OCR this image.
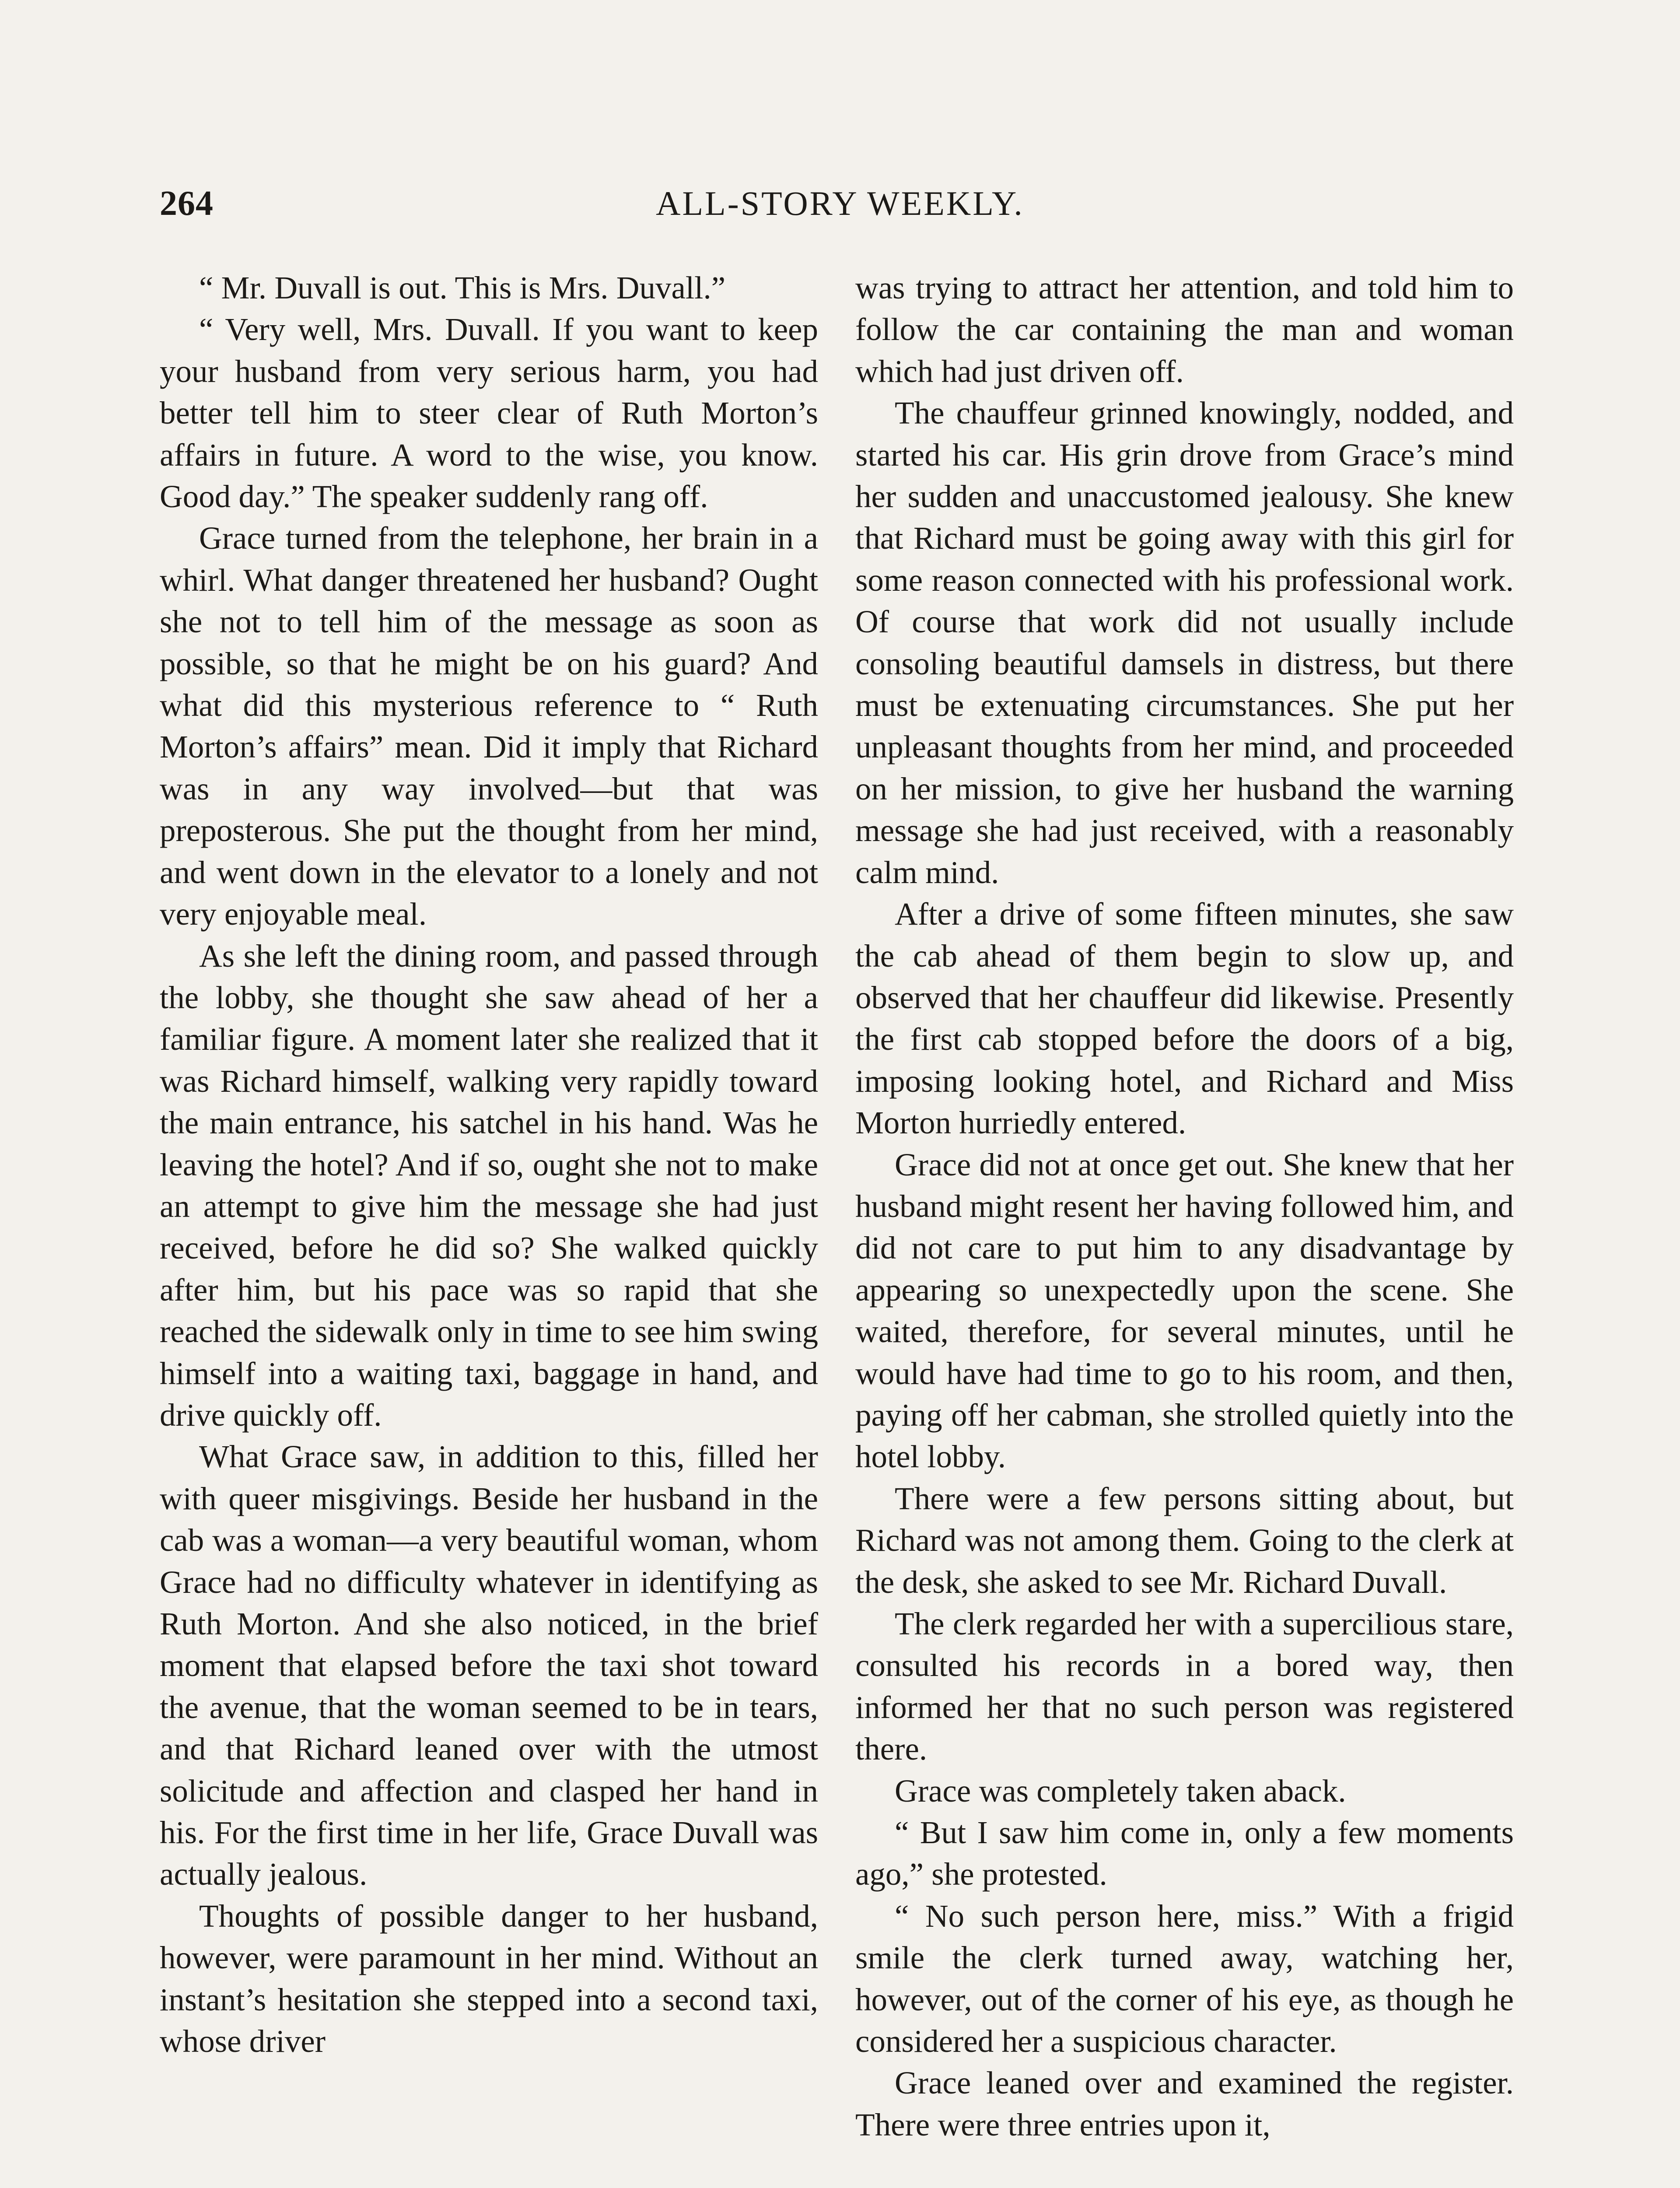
264	ALL-STORY WEEKLY.

“ Mr. Duvall is out. This is Mrs. Duvall.”

“ Very well, Mrs. Duvall. If you want to keep your husband from very serious harm, you had better tell him to steer clear of Ruth Morton’s affairs in future. A word to the wise, you know. Good day.” The speaker suddenly rang off.

Grace turned from the telephone, her brain in a whirl. What danger threatened her husband? Ought she not to tell him of the message as soon as possible, so that he might be on his guard? And what did this mysterious reference to “ Ruth Morton’s affairs” mean. Did it imply that Richard was in any way involved—but that was preposterous. She put the thought from her mind, and went down in the elevator to a lonely and not very enjoyable meal.

As she left the dining room, and passed through the lobby, she thought she saw ahead of her a familiar figure. A moment later she realized that it was Richard himself, walking very rapidly toward the main entrance, his satchel in his hand. Was he leaving the hotel? And if so, ought she not to make an attempt to give him the message she had just received, before he did so? She walked quickly after him, but his pace was so rapid that she reached the sidewalk only in time to see him swing himself into a waiting taxi, baggage in hand, and drive quickly off.

What Grace saw, in addition to this, filled her with queer misgivings. Beside her husband in the cab was a woman—a very beautiful woman, whom Grace had no difficulty whatever in identifying as Ruth Morton. And she also noticed, in the brief moment that elapsed before the taxi shot toward the avenue, that the woman seemed to be in tears, and that Richard leaned over with the utmost solicitude and affection and clasped her hand in his. For the first time in her life, Grace Duvall was actually jealous.

Thoughts of possible danger to her husband, however, were paramount in her mind. Without an instant’s hesitation she stepped into a second taxi, whose driver

was trying to attract her attention, and told him to follow the car containing the man and woman which had just driven off.

The chauffeur grinned knowingly, nodded, and started his car. His grin drove from Grace’s mind her sudden and unaccustomed jealousy. She knew that Richard must be going away with this girl for some reason connected with his professional work. Of course that work did not usually include consoling beautiful damsels in distress, but there must be extenuating circumstances. She put her unpleasant thoughts from her mind, and proceeded on her mission, to give her husband the warning message she had just received, with a reasonably calm mind.

After a drive of some fifteen minutes, she saw the cab ahead of them begin to slow up, and observed that her chauffeur did likewise. Presently the first cab stopped before the doors of a big, imposing looking hotel, and Richard and Miss Morton hurriedly entered.

Grace did not at once get out. She knew that her husband might resent her having followed him, and did not care to put him to any disadvantage by appearing so unexpectedly upon the scene. She waited, therefore, for several minutes, until he would have had time to go to his room, and then, paying off her cabman, she strolled quietly into the hotel lobby.

There were a few persons sitting about, but Richard was not among them. Going to the clerk at the desk, she asked to see Mr. Richard Duvall.

The clerk regarded her with a supercilious stare, consulted his records in a bored way, then informed her that no such person was registered there.

Grace was completely taken aback.

“ But I saw him come in, only a few moments ago,” she protested.

“ No such person here, miss.” With a frigid smile the clerk turned away, watching her, however, out of the corner of his eye, as though he considered her a suspicious character.

Grace leaned over and examined the register. There were three entries upon it,
